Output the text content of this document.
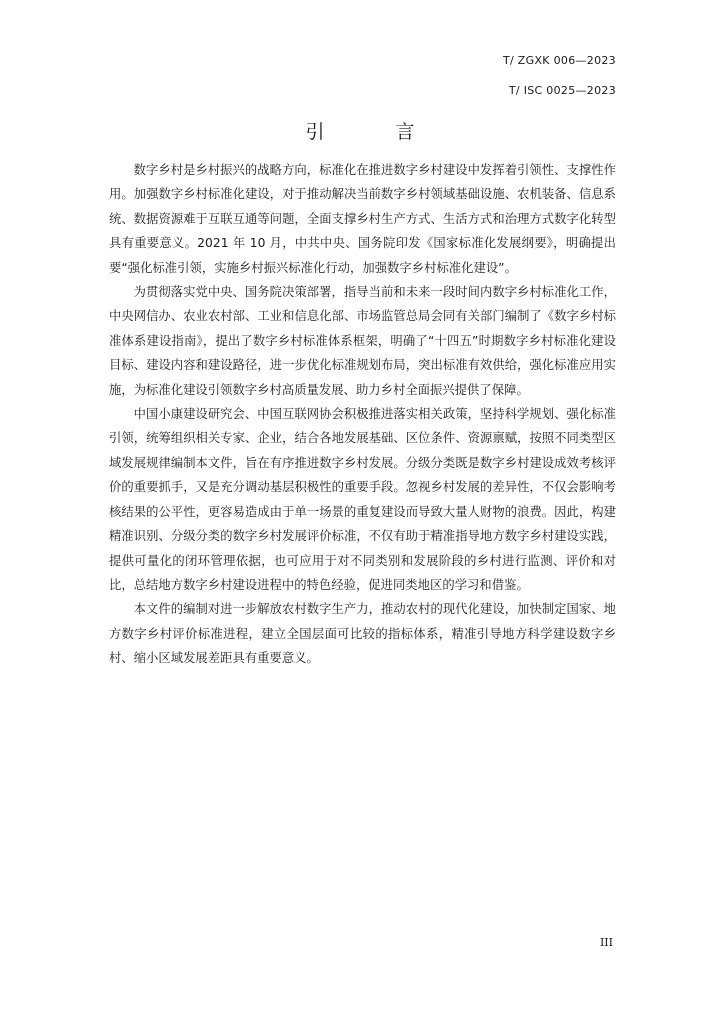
T/ ZGXK 006—2023
T/ ISC 0025—2023
引　言

数字乡村是乡村振兴的战略方向，标准化在推进数字乡村建设中发挥着引领性、支撑性作用。加强数字乡村标准化建设，对于推动解决当前数字乡村领域基础设施、农机装备、信息系统、数据资源难于互联互通等问题，全面支撑乡村生产方式、生活方式和治理方式数字化转型具有重要意义。2021 年 10 月，中共中央、国务院印发《国家标准化发展纲要》，明确提出要“强化标准引领，实施乡村振兴标准化行动，加强数字乡村标准化建设”。

为贯彻落实党中央、国务院决策部署，指导当前和未来一段时间内数字乡村标准化工作，中央网信办、农业农村部、工业和信息化部、市场监管总局会同有关部门编制了《数字乡村标准体系建设指南》，提出了数字乡村标准体系框架，明确了“十四五”时期数字乡村标准化建设目标、建设内容和建设路径，进一步优化标准规划布局，突出标准有效供给，强化标准应用实施，为标准化建设引领数字乡村高质量发展、助力乡村全面振兴提供了保障。

中国小康建设研究会、中国互联网协会积极推进落实相关政策，坚持科学规划、强化标准引领，统筹组织相关专家、企业，结合各地发展基础、区位条件、资源禀赋，按照不同类型区域发展规律编制本文件，旨在有序推进数字乡村发展。分级分类既是数字乡村建设成效考核评价的重要抓手，又是充分调动基层积极性的重要手段。忽视乡村发展的差异性，不仅会影响考核结果的公平性，更容易造成由于单一场景的重复建设而导致大量人财物的浪费。因此，构建精准识别、分级分类的数字乡村发展评价标准，不仅有助于精准指导地方数字乡村建设实践，提供可量化的闭环管理依据，也可应用于对不同类别和发展阶段的乡村进行监测、评价和对比，总结地方数字乡村建设进程中的特色经验，促进同类地区的学习和借鉴。

本文件的编制对进一步解放农村数字生产力，推动农村的现代化建设，加快制定国家、地方数字乡村评价标准进程，建立全国层面可比较的指标体系，精准引导地方科学建设数字乡村、缩小区域发展差距具有重要意义。

III
